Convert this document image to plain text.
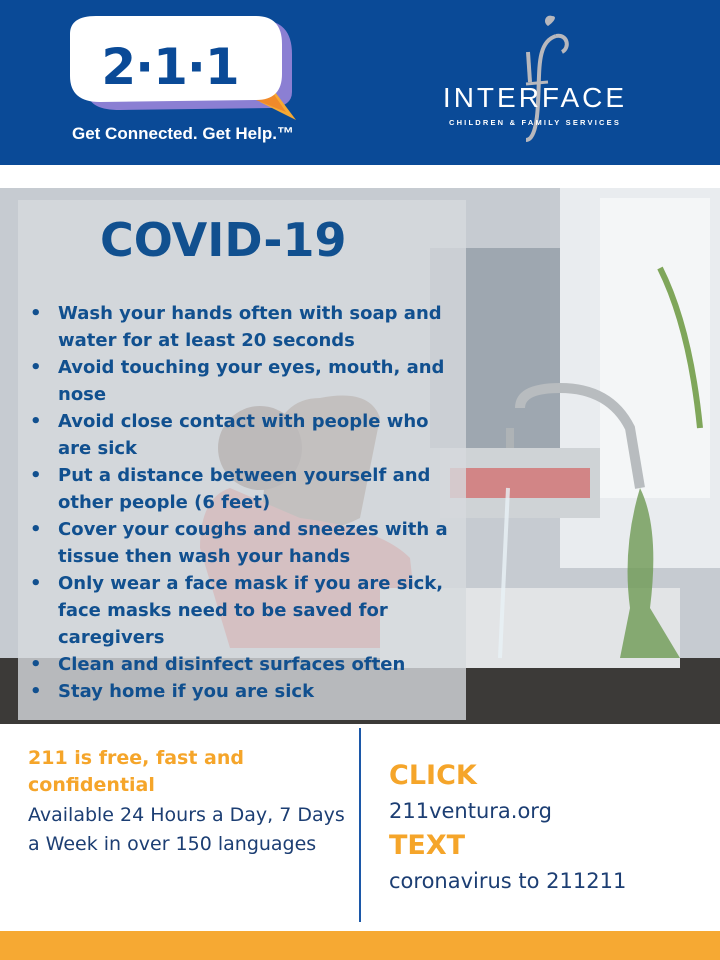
2·1·1
Get Connected. Get Help.™
INTERFACE
CHILDREN & FAMILY SERVICES
COVID-19
• Wash your hands often with soap and water for at least 20 seconds
• Avoid touching your eyes, mouth, and nose
• Avoid close contact with people who are sick
• Put a distance between yourself and other people (6 feet)
• Cover your coughs and sneezes with a tissue then wash your hands
• Only wear a face mask if you are sick, face masks need to be saved for caregivers
• Clean and disinfect surfaces often
• Stay home if you are sick
211 is free, fast and confidential
Available 24 Hours a Day, 7 Days a Week in over 150 languages
CLICK
211ventura.org
TEXT
coronavirus to 211211
